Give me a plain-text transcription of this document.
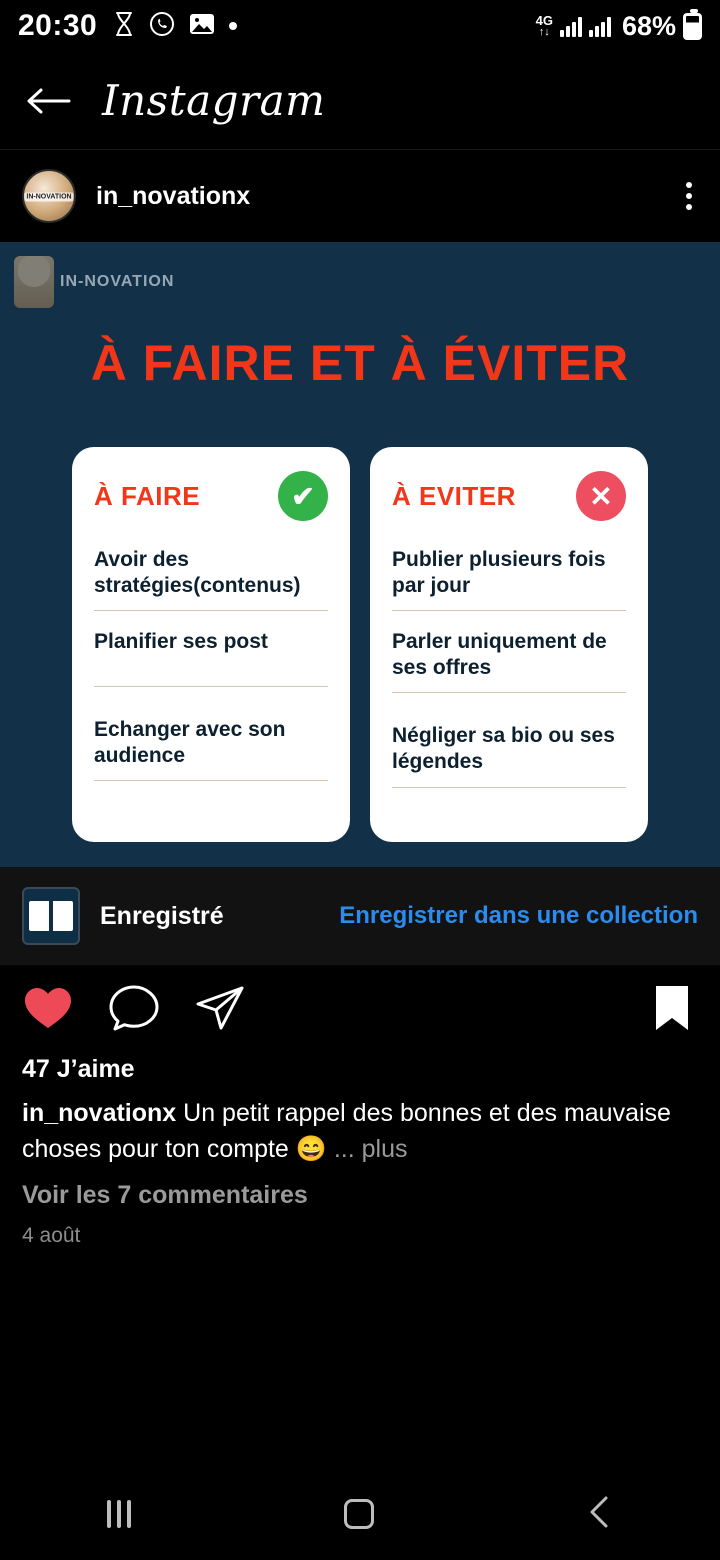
20:30	4G
↑↓	68%
Instagram
IN-NOVATION in_novationx
IN-NOVATION
À FAIRE ET À ÉVITER
À FAIRE	✔
Avoir des stratégies(contenus)
Planifier ses post
Echanger avec son audience
À EVITER	✕
Publier plusieurs fois par jour
Parler uniquement de ses offres
Négliger sa bio ou ses légendes
Enregistré	Enregistrer dans une collection
47 J’aime
in_novationx Un petit rappel des bonnes et des mauvaise choses pour ton compte 😄 ... plus
Voir les 7 commentaires
4 août
